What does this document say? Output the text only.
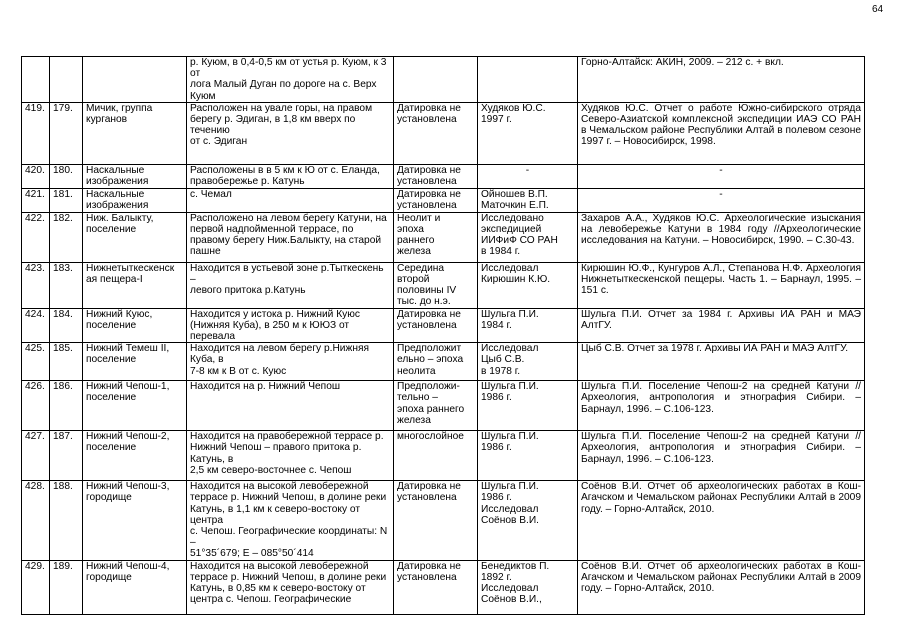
64
			р. Куюм, в 0,4-0,5 км от устья р. Куюм, к 3 от
лога Малый Дуган по дороге на с. Верх
Куюм			Горно-Алтайск: АКИН, 2009. – 212 с. + вкл.
419.	179.	Мичик, группа
курганов	Расположен на увале горы, на правом
берегу р. Эдиган, в 1,8 км вверх по течению
от с. Эдиган	Датировка не
установлена	Худяков Ю.С.
1997 г.	Худяков Ю.С. Отчет о работе Южно-сибирского отряда Северо-Азиатской комплексной экспедиции ИАЭ СО РАН в Чемальском районе Республики Алтай в полевом сезоне 1997 г. – Новосибирск, 1998.
420.	180.	Наскальные
изображения	Расположены в в 5 км к Ю от с. Еланда,
правобережье р. Катунь	Датировка не
установлена	-	-
421.	181.	Наскальные
изображения	с. Чемал	Датировка не
установлена	Ойношев В.П.
Маточкин Е.П.	-
422.	182.	Ниж. Балыкту,
поселение	Расположено на левом берегу Катуни, на
первой надпойменной террасе, по
правому берегу Ниж.Балыкту, на старой
пашне	Неолит и
эпоха
раннего
железа	Исследовано
экспедицией
ИИФиФ СО РАН
в 1984 г.	Захаров А.А., Худяков Ю.С. Археологические изыскания на левобережье Катуни в 1984 году //Археологические исследования на Катуни. – Новосибирск, 1990. – С.30-43.
423.	183.	Нижнетыткескенск
ая пещера-I	Находится в устьевой зоне р.Тыткескень –
левого притока р.Катунь	Середина
второй
половины IV
тыс. до н.э.	Исследовал
Кирюшин К.Ю.	Кирюшин Ю.Ф., Кунгуров А.Л., Степанова Н.Ф. Археология Нижнетыткескенской пещеры. Часть 1. – Барнаул, 1995. – 151 с.
424.	184.	Нижний Куюс,
поселение	Находится у истока р. Нижний Куюс
(Нижняя Куба), в 250 м к ЮЮЗ от перевала	Датировка не
установлена	Шульга П.И.
1984 г.	Шульга П.И. Отчет за 1984 г. Архивы ИА РАН и МАЭ АлтГУ.
425.	185.	Нижний Темеш II,
поселение	Находится на левом берегу р.Нижняя Куба, в
7-8 км к В от с. Куюс	Предположит
ельно – эпоха
неолита	Исследовал
Цыб С.В.
в 1978 г.	Цыб С.В. Отчет за 1978 г. Архивы ИА РАН и МАЭ АлтГУ.
426.	186.	Нижний Чепош-1,
поселение	Находится на р. Нижний Чепош	Предположи-
тельно –
эпоха раннего
железа	Шульга П.И.
1986 г.	Шульга П.И. Поселение Чепош-2 на средней Катуни // Археология, антропология и этнография Сибири. – Барнаул, 1996. – С.106-123.
427.	187.	Нижний Чепош-2,
поселение	Находится на правобережной террасе р.
Нижний Чепош – правого притока р. Катунь, в
2,5 км северо-восточнее с. Чепош	многослойное	Шульга П.И.
1986 г.	Шульга П.И. Поселение Чепош-2 на средней Катуни // Археология, антропология и этнография Сибири. – Барнаул, 1996. – С.106-123.
428.	188.	Нижний Чепош-3,
городище	Находится на высокой левобережной
террасе р. Нижний Чепош, в долине реки
Катунь, в 1,1 км к северо-востоку от центра
с. Чепош. Географические координаты: N –
51°35´679; E – 085°50´414	Датировка не
установлена	Шульга П.И.
1986 г.
Исследовал
Соёнов В.И.	Соёнов В.И. Отчет об археологических работах в Кош-Агачском и Чемальском районах Республики Алтай в 2009 году. – Горно-Алтайск, 2010.
429.	189.	Нижний Чепош-4,
городище	Находится на высокой левобережной
террасе р. Нижний Чепош, в долине реки
Катунь, в 0,85 км к северо-востоку от
центра с. Чепош. Географические	Датировка не
установлена	Бенедиктов П.
1892 г.
Исследовал
Соёнов В.И.,	Соёнов В.И. Отчет об археологических работах в Кош-Агачском и Чемальском районах Республики Алтай в 2009 году. – Горно-Алтайск, 2010.
